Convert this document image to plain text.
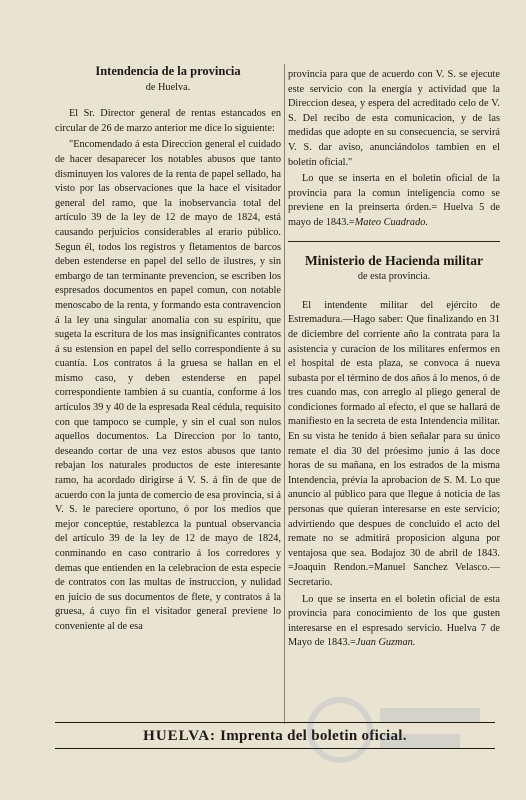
Intendencia de la provincia

de Huelva.

El Sr. Director general de rentas estancados en circular de 26 de marzo anterior me dice lo siguiente:

"Encomendado á esta Direccion general el cuidado de hacer desaparecer los notables abusos que tanto disminuyen los valores de la renta de papel sellado, ha visto por las observaciones que la hace el visitador general del ramo, que la inobservancia total del artículo 39 de la ley de 12 de mayo de 1824, está causando perjuicios considerables al erario público. Segun él, todos los registros y fletamentos de barcos deben estenderse en papel del sello de ilustres, y sin embargo de tan terminante prevencion, se escriben los espresados documentos en papel comun, con notable menoscabo de la renta, y formando esta contravencion á la ley una singular anomalía con su espíritu, que sugeta la escritura de los mas insignificantes contratos á su estension en papel del sello correspondiente á su cuantía. Los contratos á la gruesa se hallan en el mismo caso, y deben estenderse en papel correspondiente tambien á su cuantía, conforme á los artículos 39 y 40 de la espresada Real cédula, requisito con que tampoco se cumple, y sin el cual son nulos aquellos documentos. La Direccion por lo tanto, deseando cortar de una vez estos abusos que tanto rebajan los naturales productos de este interesante ramo, ha acordado dirigirse á V. S. á fin de que de acuerdo con la junta de comercio de esa provincia, si á V. S. le pareciere oportuno, ó por los medios que mejor conceptúe, restablezca la puntual observancia del artículo 39 de la ley de 12 de mayo de 1824, conminando en caso contrario á los corredores y demas que entienden en la celebracion de esta especie de contratos con las multas de instruccion, y nulidad en juicio de sus documentos de flete, y contratos á la gruesa, á cuyo fin el visitador general previene lo conveniente al de esa

provincia para que de acuerdo con V. S. se ejecute este servicio con la energía y actividad que la Direccion desea, y espera del acreditado celo de V. S. Del recibo de esta comunicacion, y de las medidas que adopte en su consecuencia, se servirá V. S. dar aviso, anunciándolos tambien en el boletín oficial."

Lo que se inserta en el boletín oficial de la provincia para la comun inteligencia como se previene en la preinserta órden.= Huelva 5 de mayo de 1843.=Mateo Cuadrado.

Ministerio de Hacienda militar

de esta provincia.

El intendente militar del ejército de Estremadura.—Hago saber: Que finalizando en 31 de diciembre del corriente año la contrata para la asistencia y curacion de los militares enfermos en el hospital de esta plaza, se convoca á nueva subasta por el término de dos años á lo menos, ó de tres cuando mas, con arreglo al pliego general de condiciones formado al efecto, el que se hallará de manifiesto en la secreta de esta Intendencia militar. En su vista he tenido á bien señalar para su único remate el dia 30 del próesimo junio á las doce horas de su mañana, en los estrados de la misma Intendencia, prévia la aprobacion de S. M. Lo que anuncio al público para que llegue á noticia de las personas que quieran interesarse en este servicio; advirtiendo que despues de concluido el acto del remate no se admitirá proposicion alguna por ventajosa que sea. Bodajoz 30 de abril de 1843. =Joaquin Rendon.=Manuel Sanchez Velasco.—Secretario.

Lo que se inserta en el boletin oficial de esta provincia para conocimiento de los que gusten interesarse en el espresado servicio. Huelva 7 de Mayo de 1843.=Juan Guzman.

HUELVA: Imprenta del boletin oficial.
